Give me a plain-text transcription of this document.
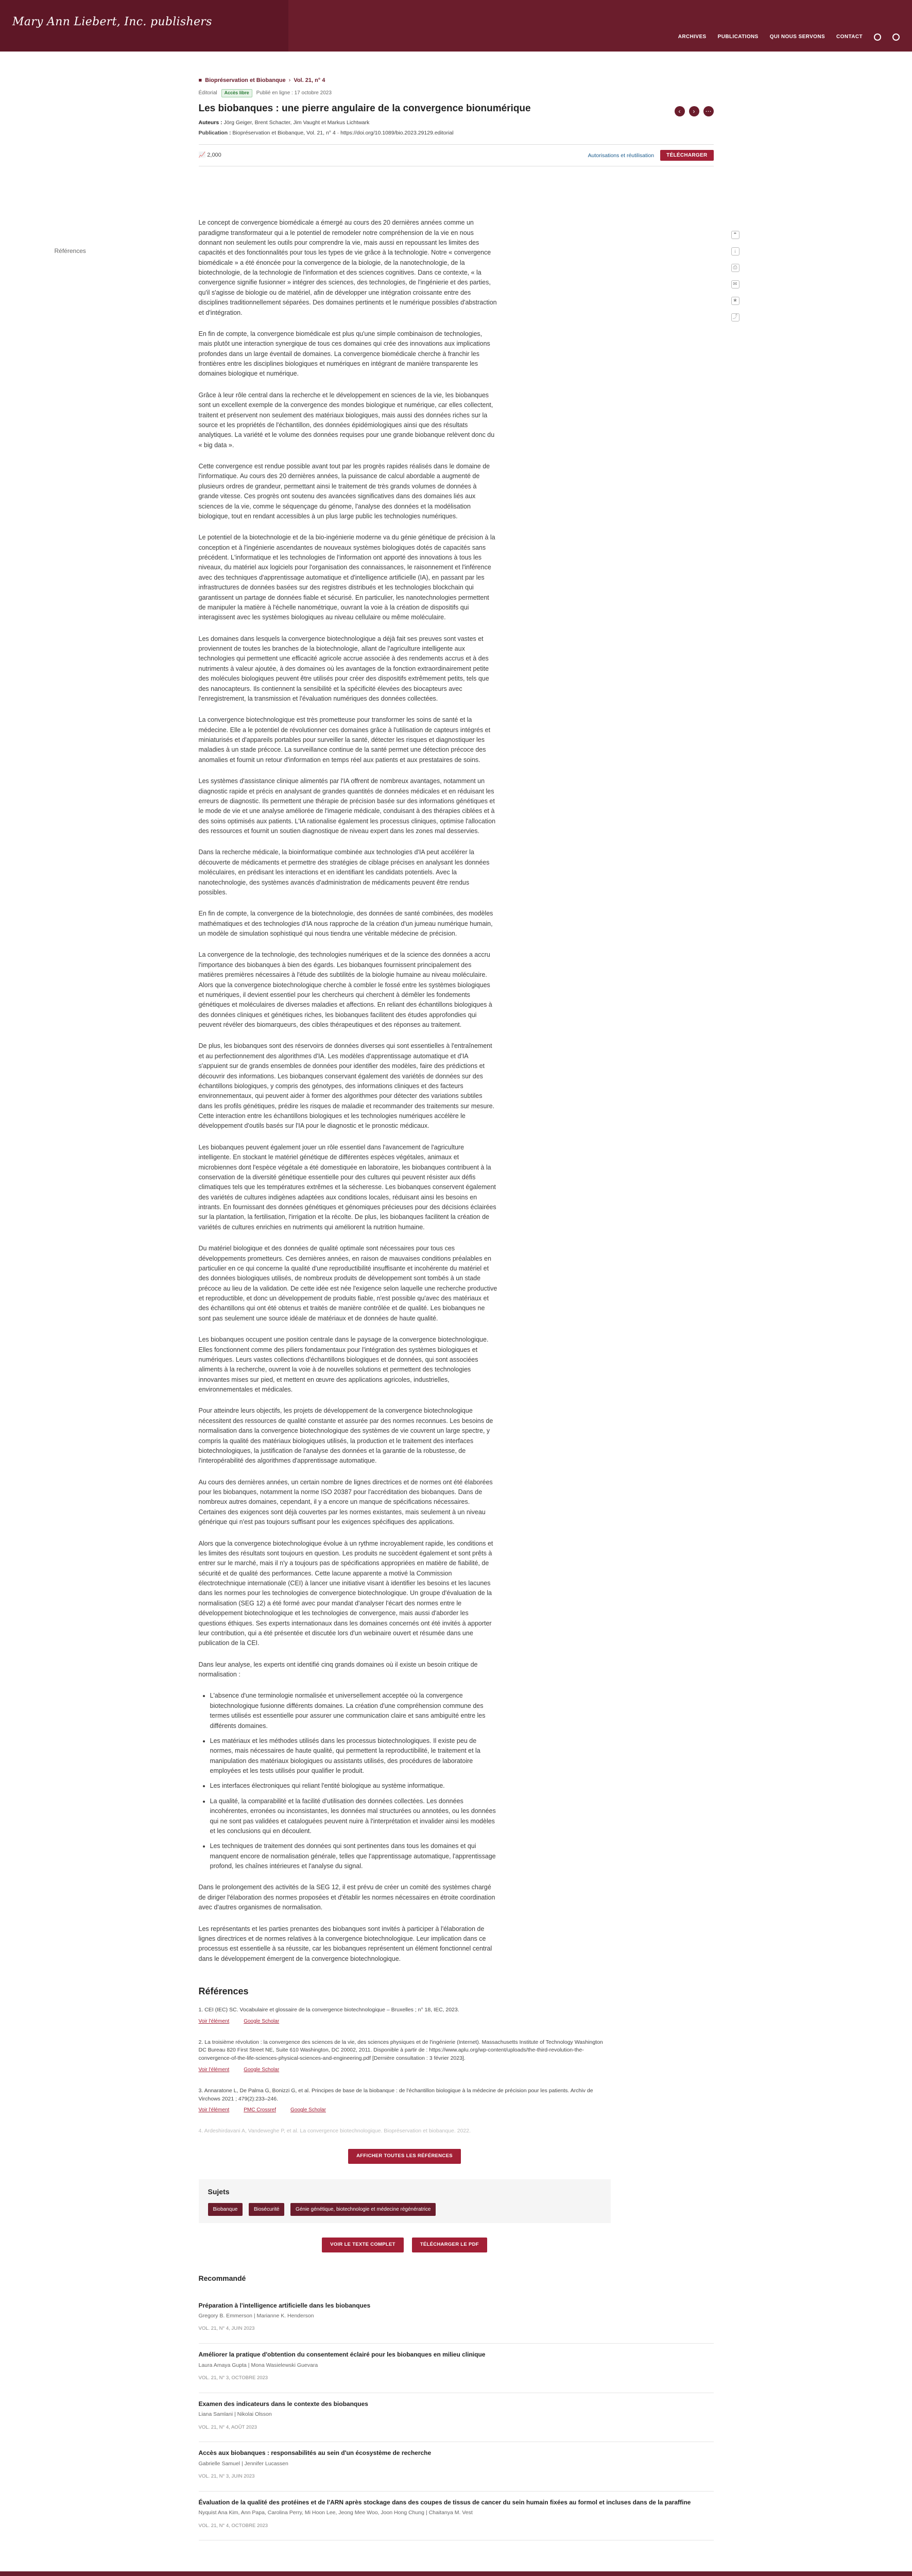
Mary Ann Liebert, Inc. publishers
ARCHIVES PUBLICATIONS QUI NOUS SERVONS CONTACT
Références
❝
↓
⎙
✉
★
⤴
■ Biopréservation et Biobanque › Vol. 21, n° 4
Éditorial	Accès libre	Publié en ligne : 17 octobre 2023
‹	›	⋯
Les biobanques : une pierre angulaire de la convergence bionumérique
Auteurs : Jörg Geiger, Brent Schacter, Jim Vaught et Markus Lichtwark
Publication : Biopréservation et Biobanque, Vol. 21, n° 4 · https://doi.org/10.1089/bio.2023.29129.editorial
📈 2,000	Autorisations et réutilisation	TÉLÉCHARGER

Le concept de convergence biomédicale a émergé au cours des 20 dernières années comme un paradigme transformateur qui a le potentiel de remodeler notre compréhension de la vie en nous donnant non seulement les outils pour comprendre la vie, mais aussi en repoussant les limites des capacités et des fonctionnalités pour tous les types de vie grâce à la technologie. Notre « convergence biomédicale » a été énoncée pour la convergence de la biologie, de la nanotechnologie, de la biotechnologie, de la technologie de l'information et des sciences cognitives. Dans ce contexte, « la convergence signifie fusionner » intégrer des sciences, des technologies, de l'ingénierie et des parties, qu'il s'agisse de biologie ou de matériel, afin de développer une intégration croissante entre des disciplines traditionnellement séparées. Des domaines pertinents et le numérique possibles d'abstraction et d'intégration.

En fin de compte, la convergence biomédicale est plus qu'une simple combinaison de technologies, mais plutôt une interaction synergique de tous ces domaines qui crée des innovations aux implications profondes dans un large éventail de domaines. La convergence biomédicale cherche à franchir les frontières entre les disciplines biologiques et numériques en intégrant de manière transparente les domaines biologique et numérique.

Grâce à leur rôle central dans la recherche et le développement en sciences de la vie, les biobanques sont un excellent exemple de la convergence des mondes biologique et numérique, car elles collectent, traitent et préservent non seulement des matériaux biologiques, mais aussi des données riches sur la source et les propriétés de l'échantillon, des données épidémiologiques ainsi que des résultats analytiques. La variété et le volume des données requises pour une grande biobanque relèvent donc du « big data ».

Cette convergence est rendue possible avant tout par les progrès rapides réalisés dans le domaine de l'informatique. Au cours des 20 dernières années, la puissance de calcul abordable a augmenté de plusieurs ordres de grandeur, permettant ainsi le traitement de très grands volumes de données à grande vitesse. Ces progrès ont soutenu des avancées significatives dans des domaines liés aux sciences de la vie, comme le séquençage du génome, l'analyse des données et la modélisation biologique, tout en rendant accessibles à un plus large public les technologies numériques.

Le potentiel de la biotechnologie et de la bio-ingénierie moderne va du génie génétique de précision à la conception et à l'ingénierie ascendantes de nouveaux systèmes biologiques dotés de capacités sans précédent. L'informatique et les technologies de l'information ont apporté des innovations à tous les niveaux, du matériel aux logiciels pour l'organisation des connaissances, le raisonnement et l'inférence avec des techniques d'apprentissage automatique et d'intelligence artificielle (IA), en passant par les infrastructures de données basées sur des registres distribués et les technologies blockchain qui garantissent un partage de données fiable et sécurisé. En particulier, les nanotechnologies permettent de manipuler la matière à l'échelle nanométrique, ouvrant la voie à la création de dispositifs qui interagissent avec les systèmes biologiques au niveau cellulaire ou même moléculaire.

Les domaines dans lesquels la convergence biotechnologique a déjà fait ses preuves sont vastes et proviennent de toutes les branches de la biotechnologie, allant de l'agriculture intelligente aux technologies qui permettent une efficacité agricole accrue associée à des rendements accrus et à des nutriments à valeur ajoutée, à des domaines où les avantages de la fonction extraordinairement petite des molécules biologiques peuvent être utilisés pour créer des dispositifs extrêmement petits, tels que des nanocapteurs. Ils contiennent la sensibilité et la spécificité élevées des biocapteurs avec l'enregistrement, la transmission et l'évaluation numériques des données collectées.

La convergence biotechnologique est très prometteuse pour transformer les soins de santé et la médecine. Elle a le potentiel de révolutionner ces domaines grâce à l'utilisation de capteurs intégrés et miniaturisés et d'appareils portables pour surveiller la santé, détecter les risques et diagnostiquer les maladies à un stade précoce. La surveillance continue de la santé permet une détection précoce des anomalies et fournit un retour d'information en temps réel aux patients et aux prestataires de soins.

Les systèmes d'assistance clinique alimentés par l'IA offrent de nombreux avantages, notamment un diagnostic rapide et précis en analysant de grandes quantités de données médicales et en réduisant les erreurs de diagnostic. Ils permettent une thérapie de précision basée sur des informations génétiques et le mode de vie et une analyse améliorée de l'imagerie médicale, conduisant à des thérapies ciblées et à des soins optimisés aux patients. L'IA rationalise également les processus cliniques, optimise l'allocation des ressources et fournit un soutien diagnostique de niveau expert dans les zones mal desservies.

Dans la recherche médicale, la bioinformatique combinée aux technologies d'IA peut accélérer la découverte de médicaments et permettre des stratégies de ciblage précises en analysant les données moléculaires, en prédisant les interactions et en identifiant les candidats potentiels. Avec la nanotechnologie, des systèmes avancés d'administration de médicaments peuvent être rendus possibles.

En fin de compte, la convergence de la biotechnologie, des données de santé combinées, des modèles mathématiques et des technologies d'IA nous rapproche de la création d'un jumeau numérique humain, un modèle de simulation sophistiqué qui nous tiendra une véritable médecine de précision.

La convergence de la technologie, des technologies numériques et de la science des données a accru l'importance des biobanques à bien des égards. Les biobanques fournissent principalement des matières premières nécessaires à l'étude des subtilités de la biologie humaine au niveau moléculaire. Alors que la convergence biotechnologique cherche à combler le fossé entre les systèmes biologiques et numériques, il devient essentiel pour les chercheurs qui cherchent à démêler les fondements génétiques et moléculaires de diverses maladies et affections. En reliant des échantillons biologiques à des données cliniques et génétiques riches, les biobanques facilitent des études approfondies qui peuvent révéler des biomarqueurs, des cibles thérapeutiques et des réponses au traitement.

De plus, les biobanques sont des réservoirs de données diverses qui sont essentielles à l'entraînement et au perfectionnement des algorithmes d'IA. Les modèles d'apprentissage automatique et d'IA s'appuient sur de grands ensembles de données pour identifier des modèles, faire des prédictions et découvrir des informations. Les biobanques conservant également des variétés de données sur des échantillons biologiques, y compris des génotypes, des informations cliniques et des facteurs environnementaux, qui peuvent aider à former des algorithmes pour détecter des variations subtiles dans les profils génétiques, prédire les risques de maladie et recommander des traitements sur mesure. Cette interaction entre les échantillons biologiques et les technologies numériques accélère le développement d'outils basés sur l'IA pour le diagnostic et le pronostic médicaux.

Les biobanques peuvent également jouer un rôle essentiel dans l'avancement de l'agriculture intelligente. En stockant le matériel génétique de différentes espèces végétales, animaux et microbiennes dont l'espèce végétale a été domestiquée en laboratoire, les biobanques contribuent à la conservation de la diversité génétique essentielle pour des cultures qui peuvent résister aux défis climatiques tels que les températures extrêmes et la sécheresse. Les biobanques conservent également des variétés de cultures indigènes adaptées aux conditions locales, réduisant ainsi les besoins en intrants. En fournissant des données génétiques et génomiques précieuses pour des décisions éclairées sur la plantation, la fertilisation, l'irrigation et la récolte. De plus, les biobanques facilitent la création de variétés de cultures enrichies en nutriments qui améliorent la nutrition humaine.

Du matériel biologique et des données de qualité optimale sont nécessaires pour tous ces développements prometteurs. Ces dernières années, en raison de mauvaises conditions préalables en particulier en ce qui concerne la qualité d'une reproductibilité insuffisante et incohérente du matériel et des données biologiques utilisés, de nombreux produits de développement sont tombés à un stade précoce au lieu de la validation. De cette idée est née l'exigence selon laquelle une recherche productive et reproductible, et donc un développement de produits fiable, n'est possible qu'avec des matériaux et des échantillons qui ont été obtenus et traités de manière contrôlée et de qualité. Les biobanques ne sont pas seulement une source idéale de matériaux et de données de haute qualité.

Les biobanques occupent une position centrale dans le paysage de la convergence biotechnologique. Elles fonctionnent comme des piliers fondamentaux pour l'intégration des systèmes biologiques et numériques. Leurs vastes collections d'échantillons biologiques et de données, qui sont associées aliments à la recherche, ouvrent la voie à de nouvelles solutions et permettent des technologies innovantes mises sur pied, et mettent en œuvre des applications agricoles, industrielles, environnementales et médicales.

Pour atteindre leurs objectifs, les projets de développement de la convergence biotechnologique nécessitent des ressources de qualité constante et assurée par des normes reconnues. Les besoins de normalisation dans la convergence biotechnologique des systèmes de vie couvrent un large spectre, y compris la qualité des matériaux biologiques utilisés, la production et le traitement des interfaces biotechnologiques, la justification de l'analyse des données et la garantie de la robustesse, de l'interopérabilité des algorithmes d'apprentissage automatique.

Au cours des dernières années, un certain nombre de lignes directrices et de normes ont été élaborées pour les biobanques, notamment la norme ISO 20387 pour l'accréditation des biobanques. Dans de nombreux autres domaines, cependant, il y a encore un manque de spécifications nécessaires. Certaines des exigences sont déjà couvertes par les normes existantes, mais seulement à un niveau générique qui n'est pas toujours suffisant pour les exigences spécifiques des applications.

Alors que la convergence biotechnologique évolue à un rythme incroyablement rapide, les conditions et les limites des résultats sont toujours en question. Les produits ne succèdent également et sont prêts à entrer sur le marché, mais il n'y a toujours pas de spécifications appropriées en matière de fiabilité, de sécurité et de qualité des performances. Cette lacune apparente a motivé la Commission électrotechnique internationale (CEI) à lancer une initiative visant à identifier les besoins et les lacunes dans les normes pour les technologies de convergence biotechnologique. Un groupe d'évaluation de la normalisation (SEG 12) a été formé avec pour mandat d'analyser l'écart des normes entre le développement biotechnologique et les technologies de convergence, mais aussi d'aborder les questions éthiques. Ses experts internationaux dans les domaines concernés ont été invités à apporter leur contribution, qui a été présentée et discutée lors d'un webinaire ouvert et résumée dans une publication de la CEI.

Dans leur analyse, les experts ont identifié cinq grands domaines où il existe un besoin critique de normalisation :

• L'absence d'une terminologie normalisée et universellement acceptée où la convergence biotechnologique fusionne différents domaines. La création d'une compréhension commune des termes utilisés est essentielle pour assurer une communication claire et sans ambiguïté entre les différents domaines.
• Les matériaux et les méthodes utilisés dans les processus biotechnologiques. Il existe peu de normes, mais nécessaires de haute qualité, qui permettent la reproductibilité, le traitement et la manipulation des matériaux biologiques ou assistants utilisés, des procédures de laboratoire employées et les tests utilisés pour qualifier le produit.
• Les interfaces électroniques qui reliant l'entité biologique au système informatique.
• La qualité, la comparabilité et la facilité d'utilisation des données collectées. Les données incohérentes, erronées ou inconsistantes, les données mal structurées ou annotées, ou les données qui ne sont pas validées et cataloguées peuvent nuire à l'interprétation et invalider ainsi les modèles et les conclusions qui en découlent.
• Les techniques de traitement des données qui sont pertinentes dans tous les domaines et qui manquent encore de normalisation générale, telles que l'apprentissage automatique, l'apprentissage profond, les chaînes intérieures et l'analyse du signal.

Dans le prolongement des activités de la SEG 12, il est prévu de créer un comité des systèmes chargé de diriger l'élaboration des normes proposées et d'établir les normes nécessaires en étroite coordination avec d'autres organismes de normalisation.

Les représentants et les parties prenantes des biobanques sont invités à participer à l'élaboration de lignes directrices et de normes relatives à la convergence biotechnologique. Leur implication dans ce processus est essentielle à sa réussite, car les biobanques représentent un élément fonctionnel central dans le développement émergent de la convergence biotechnologique.

Références
1. CEI (IEC) SC. Vocabulaire et glossaire de la convergence biotechnologique – Bruxelles ; n° 18, IEC, 2023.
Voir l'élément	Google Scholar
2. La troisième révolution : la convergence des sciences de la vie, des sciences physiques et de l'ingénierie (Internet). Massachusetts Institute of Technology Washington DC Bureau 820 First Street NE, Suite 610 Washington, DC 20002, 2011. Disponible à partir de : https://www.aplu.org/wp-content/uploads/the-third-revolution-the-convergence-of-the-life-sciences-physical-sciences-and-engineering.pdf [Dernière consultation : 3 février 2023].
Voir l'élément	Google Scholar
3. Annaratone L, De Palma G, Bonizzi G, et al. Principes de base de la biobanque : de l'échantillon biologique à la médecine de précision pour les patients. Archiv de Virchows 2021 ; 479(2):233–246.
Voir l'élément	PMC Crossref	Google Scholar
4. Ardeshirdavani A, Vandeweghe P, et al. La convergence biotechnologique. Biopréservation et biobanque. 2022.
AFFICHER TOUTES LES RÉFÉRENCES
Sujets
Biobanque	Biosécurité	Génie génétique, biotechnologie et médecine régénératrice
VOIR LE TEXTE COMPLET	TÉLÉCHARGER LE PDF
Recommandé
Préparation à l'intelligence artificielle dans les biobanques
Gregory B. Emmerson | Marianne K. Henderson
VOL. 21, N° 4, JUIN 2023
Améliorer la pratique d'obtention du consentement éclairé pour les biobanques en milieu clinique
Laura Amaya Gupta | Mona Wasielewski Guevara
VOL. 21, N° 3, OCTOBRE 2023
Examen des indicateurs dans le contexte des biobanques
Liana Samlani | Nikolai Olsson
VOL. 21, N° 4, AOÛT 2023
Accès aux biobanques : responsabilités au sein d'un écosystème de recherche
Gabrielle Samuel | Jennifer Lucassen
VOL. 21, N° 3, JUIN 2023
Évaluation de la qualité des protéines et de l'ARN après stockage dans des coupes de tissus de cancer du sein humain fixées au formol et incluses dans de la paraffine
Nyquist Ana Kim, Ann Papa, Carolina Perry, Mi Hoon Lee, Jeong Mee Woo, Joon Hong Chung | Chaitanya M. Vest
VOL. 21, N° 4, OCTOBRE 2023
